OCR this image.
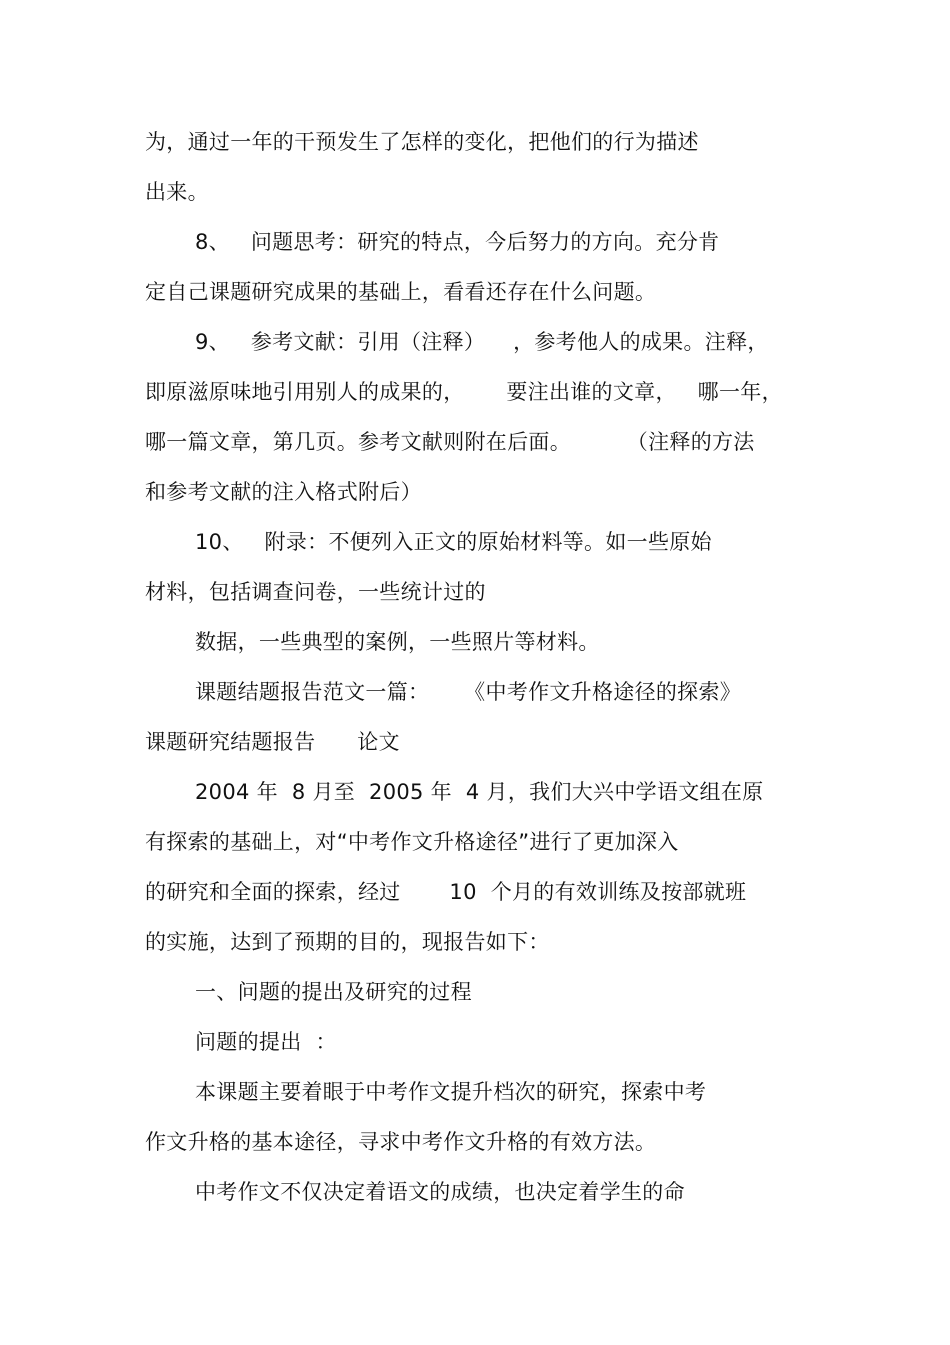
为，通过一年的干预发生了怎样的变化，把他们的行为描述
出来。
8、   问题思考：研究的特点，今后努力的方向。充分肯
定自己课题研究成果的基础上，看看还存在什么问题。
9、   参考文献：引用（注释）    ，参考他人的成果。注释，
即原滋原味地引用别人的成果的，      要注出谁的文章，   哪一年，
哪一篇文章，第几页。参考文献则附在后面。        （注释的方法
和参考文献的注入格式附后）
10、   附录：不便列入正文的原始材料等。如一些原始
材料，包括调查问卷，一些统计过的
数据，一些典型的案例，一些照片等材料。
课题结题报告范文一篇：     《中考作文升格途径的探索》
课题研究结题报告      论文
2004 年  8 月至  2005 年  4 月，我们大兴中学语文组在原
有探索的基础上，对“中考作文升格途径”进行了更加深入
的研究和全面的探索，经过       10  个月的有效训练及按部就班
的实施，达到了预期的目的，现报告如下：
一、问题的提出及研究的过程
问题的提出  ：
本课题主要着眼于中考作文提升档次的研究，探索中考
作文升格的基本途径，寻求中考作文升格的有效方法。
中考作文不仅决定着语文的成绩，也决定着学生的命
